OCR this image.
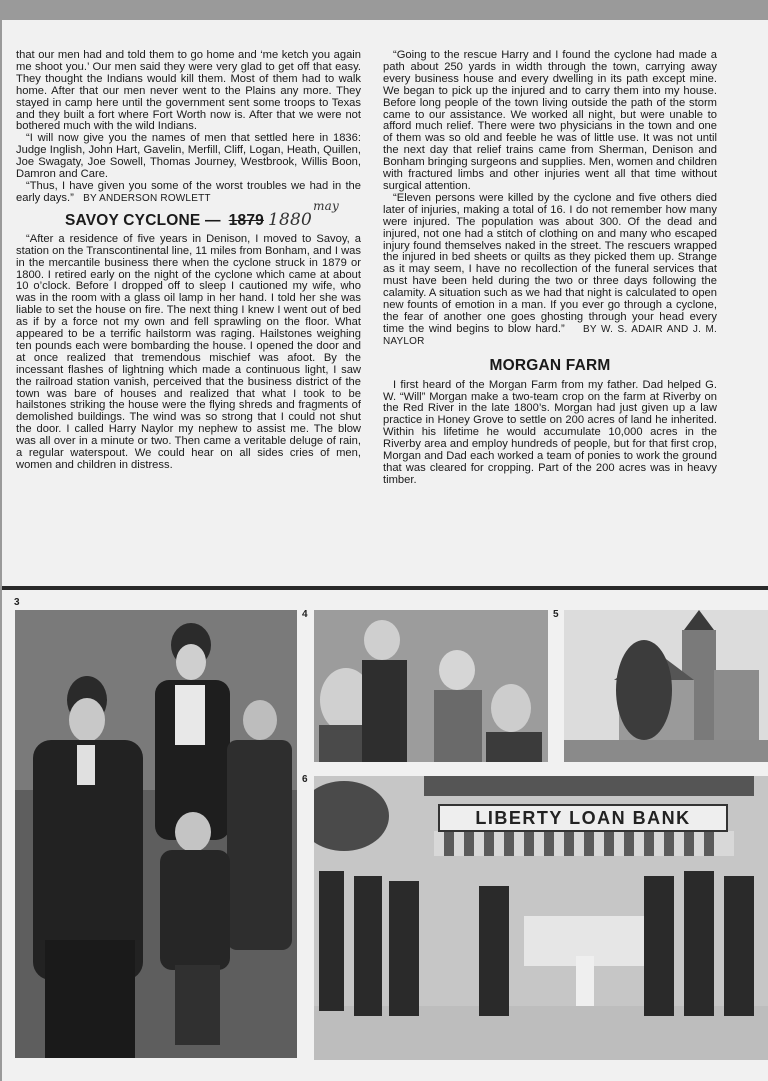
that our men had and told them to go home and ‘me ketch you again me shoot you.’ Our men said they were very glad to get off that easy. They thought the Indians would kill them. Most of them had to walk home. After that our men never went to the Plains any more. They stayed in camp here until the government sent some troops to Texas and they built a fort where Fort Worth now is. After that we were not bothered much with the wild Indians.

“I will now give you the names of men that settled here in 1836: Judge Inglish, John Hart, Gavelin, Merfill, Cliff, Logan, Heath, Quillen, Joe Swagaty, Joe Sowell, Thomas Journey, Westbrook, Willis Boon, Damron and Care.

“Thus, I have given you some of the worst troubles we had in the early days.” BY ANDERSON ROWLETT

SAVOY CYCLONE — 1879 1880
may

“After a residence of five years in Denison, I moved to Savoy, a station on the Transcontinental line, 11 miles from Bonham, and I was in the mercantile business there when the cyclone struck in 1879 or 1800. I retired early on the night of the cyclone which came at about 10 o’clock. Before I dropped off to sleep I cautioned my wife, who was in the room with a glass oil lamp in her hand. I told her she was liable to set the house on fire. The next thing I knew I went out of bed as if by a force not my own and fell sprawling on the floor. What appeared to be a terrific hailstorm was raging. Hailstones weighing ten pounds each were bombarding the house. I opened the door and at once realized that tremendous mischief was afoot. By the incessant flashes of lightning which made a continuous light, I saw the railroad station vanish, perceived that the business district of the town was bare of houses and realized that what I took to be hailstones striking the house were the flying shreds and fragments of demolished buildings. The wind was so strong that I could not shut the door. I called Harry Naylor my nephew to assist me. The blow was all over in a minute or two. Then came a veritable deluge of rain, a regular waterspout. We could hear on all sides cries of men, women and children in distress.

“Going to the rescue Harry and I found the cyclone had made a path about 250 yards in width through the town, carrying away every business house and every dwelling in its path except mine. We began to pick up the injured and to carry them into my house. Before long people of the town living outside the path of the storm came to our assistance. We worked all night, but were unable to afford much relief. There were two physicians in the town and one of them was so old and feeble he was of little use. It was not until the next day that relief trains came from Sherman, Denison and Bonham bringing surgeons and supplies. Men, women and children with fractured limbs and other injuries went all that time without surgical attention.

“Eleven persons were killed by the cyclone and five others died later of injuries, making a total of 16. I do not remember how many were injured. The population was about 300. Of the dead and injured, not one had a stitch of clothing on and many who escaped injury found themselves naked in the street. The rescuers wrapped the injured in bed sheets or quilts as they picked them up. Strange as it may seem, I have no recollection of the funeral services that must have been held during the two or three days following the calamity. A situation such as we had that night is calculated to open new founts of emotion in a man. If you ever go through a cyclone, the fear of another one goes ghosting through your head every time the wind begins to blow hard.” BY W. S. ADAIR AND J. M. NAYLOR

MORGAN FARM

I first heard of the Morgan Farm from my father. Dad helped G. W. “Will” Morgan make a two-team crop on the farm at Riverby on the Red River in the late 1800’s. Morgan had just given up a law practice in Honey Grove to settle on 200 acres of land he inherited. Within his lifetime he would accumulate 10,000 acres in the Riverby area and employ hundreds of people, but for that first crop, Morgan and Dad each worked a team of ponies to work the ground that was cleared for cropping. Part of the 200 acres was in heavy timber.

3
4	5
6
LIBERTY LOAN BANK
